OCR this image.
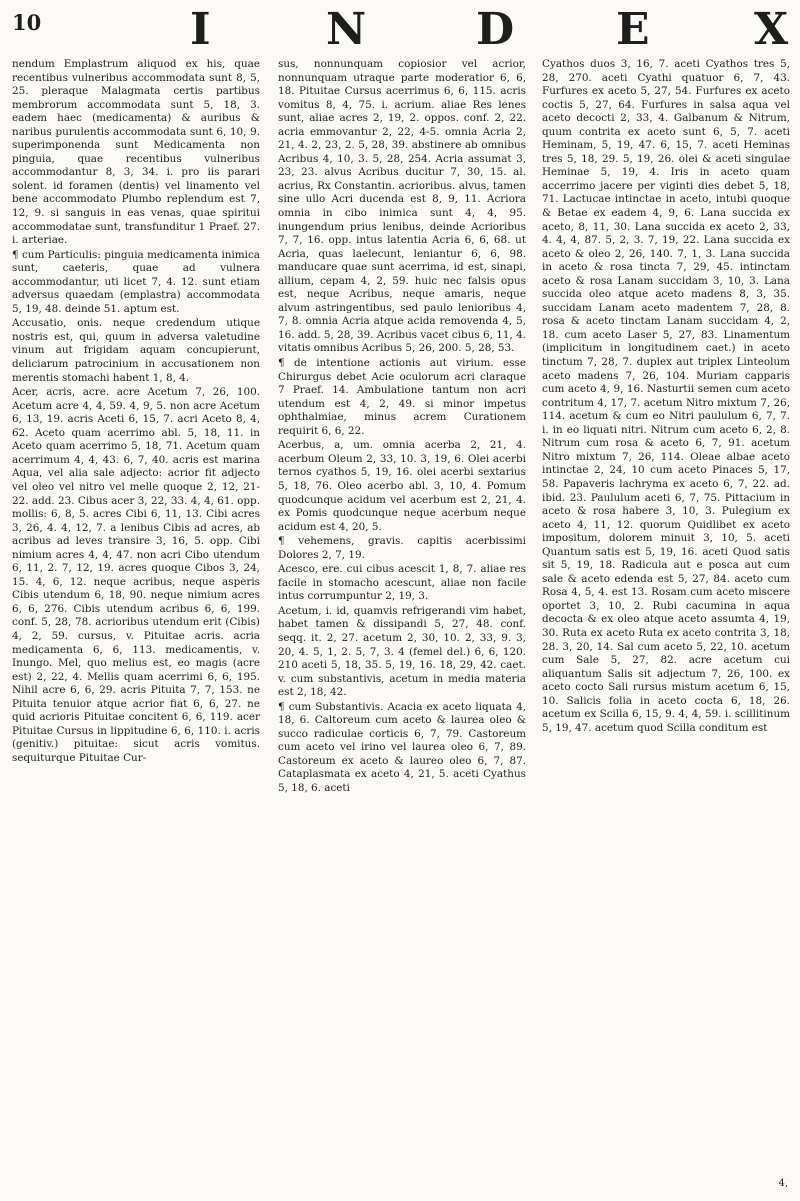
10	I	N D E X

nendum Emplastrum aliquod ex his, quae recentibus vulneribus accommodata sunt 8, 5, 25. pleraque Malagmata certis partibus membrorum accommodata sunt 5, 18, 3. eadem haec (medicamenta) & auribus & naribus purulentis accommodata sunt 6, 10, 9. superimponenda sunt Medicamenta non pinguia, quae recentibus vulneribus accommodantur 8, 3, 34. i. pro iis parari solent. id foramen (dentis) vel linamento vel bene accommodato Plumbo replendum est 7, 12, 9. si sanguis in eas venas, quae spiritui accommodatae sunt, transfunditur 1 Praef. 27. i. arteriae.

¶ cum Particulis: pinguia medicamenta inimica sunt, caeteris, quae ad vulnera accommodantur, uti licet 7, 4. 12. sunt etiam adversus quaedam (emplastra) accommodata 5, 19, 48. deinde 51. aptum est.

Accusatio, onis. neque credendum utique nostris est, qui, quum in adversa valetudine vinum aut frigidam aquam concupierunt, deliciarum patrocinium in accusationem non merentis stomachi habent 1, 8, 4.

Acer, acris, acre. acre Acetum 7, 26, 100. Acetum acre 4, 4, 59. 4, 9, 5. non acre Acetum 6, 13, 19. acris Aceti 6, 15, 7. acri Aceto 8, 4, 62. Aceto quam acerrimo abl. 5, 18, 11. in Aceto quam acerrimo 5, 18, 71. Acetum quam acerrimum 4, 4, 43. 6, 7, 40. acris est marina Aqua, vel alia sale adjecto: acrior fit adjecto vel oleo vel nitro vel melle quoque 2, 12, 21-22. add. 23. Cibus acer 3, 22, 33. 4, 4, 61. opp. mollis: 6, 8, 5. acres Cibi 6, 11, 13. Cibi acres 3, 26, 4. 4, 12, 7. a lenibus Cibis ad acres, ab acribus ad leves transire 3, 16, 5. opp. Cibi nimium acres 4, 4, 47. non acri Cibo utendum 6, 11, 2. 7, 12, 19. acres quoque Cibos 3, 24, 15. 4, 6, 12. neque acribus, neque asperis Cibis utendum 6, 18, 90. neque nimium acres 6, 6, 276. Cibis utendum acribus 6, 6, 199. conf. 5, 28, 78. acrioribus utendum erit (Cibis) 4, 2, 59. cursus, v. Pituitae acris. acria medicamenta 6, 6, 113. medicamentis, v. Inungo. Mel, quo melius est, eo magis (acre est) 2, 22, 4. Mellis quam acerrimi 6, 6, 195. Nihil acre 6, 6, 29. acris Pituita 7, 7, 153. ne Pituita tenuior atque acrior fiat 6, 6, 27. ne quid acrioris Pituitae concitent 6, 6, 119. acer Pituitae Cursus in lippitudine 6, 6, 110. i. acris (genitiv.) pituitae: sicut acris vomitus. sequiturque Pituitae Cur-

sus, nonnunquam copiosior vel acrior, nonnunquam utraque parte moderatior 6, 6, 18. Pituitae Cursus acerrimus 6, 6, 115. acris vomitus 8, 4, 75. i. acrium. aliae Res lenes sunt, aliae acres 2, 19, 2. oppos. conf. 2, 22. acria emmovantur 2, 22, 4-5. omnia Acria 2, 21, 4. 2, 23, 2. 5, 28, 39. abstinere ab omnibus Acribus 4, 10, 3. 5, 28, 254. Acria assumat 3, 23, 23. alvus Acribus ducitur 7, 30, 15. al. acrius, Rx Constantin. acrioribus. alvus, tamen sine ullo Acri ducenda est 8, 9, 11. Acriora omnia in cibo inimica sunt 4, 4, 95. inungendum prius lenibus, deinde Acrioribus 7, 7, 16. opp. intus latentia Acria 6, 6, 68. ut Acria, quas laelecunt, leniantur 6, 6, 98. manducare quae sunt acerrima, id est, sinapi, allium, cepam 4, 2, 59. huic nec falsis opus est, neque Acribus, neque amaris, neque alvum astringentibus, sed paulo lenioribus 4, 7, 8. omnia Acria atque acida removenda 4, 5, 16. add. 5, 28, 39. Acribus vacet cibus 6, 11, 4. vitatis omnibus Acribus 5, 26, 200. 5, 28, 53.

¶ de intentione actionis aut virium. esse Chirurgus debet Acie oculorum acri claraque 7 Praef. 14. Ambulatione tantum non acri utendum est 4, 2, 49. si minor impetus ophthalmiae, minus acrem Curationem requirit 6, 6, 22.

Acerbus, a, um. omnia acerba 2, 21, 4. acerbum Oleum 2, 33, 10. 3, 19, 6. Olei acerbi ternos cyathos 5, 19, 16. olei acerbi sextarius 5, 18, 76. Oleo acerbo abl. 3, 10, 4. Pomum quodcunque acidum vel acerbum est 2, 21, 4. ex Pomis quodcunque neque acerbum neque acidum est 4, 20, 5.

¶ vehemens, gravis. capitis acerbissimi Dolores 2, 7, 19.

Acesco, ere. cui cibus acescit 1, 8, 7. aliae res facile in stomacho acescunt, aliae non facile intus corrumpuntur 2, 19, 3.

Acetum, i. id, quamvis refrigerandi vim habet, habet tamen & dissipandi 5, 27, 48. conf. seqq. it. 2, 27. acetum 2, 30, 10. 2, 33, 9. 3, 20, 4. 5, 1, 2. 5, 7, 3. 4 (femel del.) 6, 6, 120. 210 aceti 5, 18, 35. 5, 19, 16. 18, 29, 42. caet. v. cum substantivis, acetum in media materia est 2, 18, 42.

¶ cum Substantivis. Acacia ex aceto liquata 4, 18, 6. Caltoreum cum aceto & laurea oleo & succo radiculae corticis 6, 7, 79. Castoreum cum aceto vel irino vel laurea oleo 6, 7, 89. Castoreum ex aceto & laureo oleo 6, 7, 87. Cataplasmata ex aceto 4, 21, 5. aceti Cyathus 5, 18, 6. aceti

Cyathos duos 3, 16, 7. aceti Cyathos tres 5, 28, 270. aceti Cyathi quatuor 6, 7, 43. Furfures ex aceto 5, 27, 54. Furfures ex aceto coctis 5, 27, 64. Furfures in salsa aqua vel aceto decocti 2, 33, 4. Galbanum & Nitrum, quum contrita ex aceto sunt 6, 5, 7. aceti Heminam, 5, 19, 47. 6, 15, 7. aceti Heminas tres 5, 18, 29. 5, 19, 26. olei & aceti singulae Heminae 5, 19, 4. Iris in aceto quam accerrimo jacere per viginti dies debet 5, 18, 71. Lactucae intinctae in aceto, intubi quoque & Betae ex eadem 4, 9, 6. Lana succida ex aceto, 8, 11, 30. Lana succida ex aceto 2, 33, 4. 4, 4, 87. 5, 2, 3. 7, 19, 22. Lana succida ex aceto & oleo 2, 26, 140. 7, 1, 3. Lana succida in aceto & rosa tincta 7, 29, 45. intinctam aceto & rosa Lanam succidam 3, 10, 3. Lana succida oleo atque aceto madens 8, 3, 35. succidam Lanam aceto madentem 7, 28, 8. rosa & aceto tinctam Lanam succidam 4, 2, 18. cum aceto Laser 5, 27, 83. Linamentum (implicitum in longitudinem caet.) in aceto tinctum 7, 28, 7. duplex aut triplex Linteolum aceto madens 7, 26, 104. Muriam capparis cum aceto 4, 9, 16. Nasturtii semen cum aceto contritum 4, 17, 7. acetum Nitro mixtum 7, 26, 114. acetum & cum eo Nitri paululum 6, 7, 7. i. in eo liquati nitri. Nitrum cum aceto 6, 2, 8. Nitrum cum rosa & aceto 6, 7, 91. acetum Nitro mixtum 7, 26, 114. Oleae albae aceto intinctae 2, 24, 10 cum aceto Pinaces 5, 17, 58. Papaveris lachryma ex aceto 6, 7, 22. ad. ibid. 23. Paululum aceti 6, 7, 75. Pittacium in aceto & rosa habere 3, 10, 3. Pulegium ex aceto 4, 11, 12. quorum Quidlibet ex aceto impositum, dolorem minuit 3, 10, 5. aceti Quantum satis est 5, 19, 16. aceti Quod satis sit 5, 19, 18. Radicula aut e posca aut cum sale & aceto edenda est 5, 27, 84. aceto cum Rosa 4, 5, 4. est 13. Rosam cum aceto miscere oportet 3, 10, 2. Rubi cacumina in aqua decocta & ex oleo atque aceto assumta 4, 19, 30. Ruta ex aceto Ruta ex aceto contrita 3, 18, 28. 3, 20, 14. Sal cum aceto 5, 22, 10. acetum cum Sale 5, 27, 82. acre acetum cui aliquantum Salis sit adjectum 7, 26, 100. ex aceto cocto Sali rursus mistum acetum 6, 15, 10. Salicis folia in aceto cocta 6, 18, 26. acetum ex Scilla 6, 15, 9. 4, 4, 59. i. scillitinum 5, 19, 47. acetum quod Scilla conditum est

4,
